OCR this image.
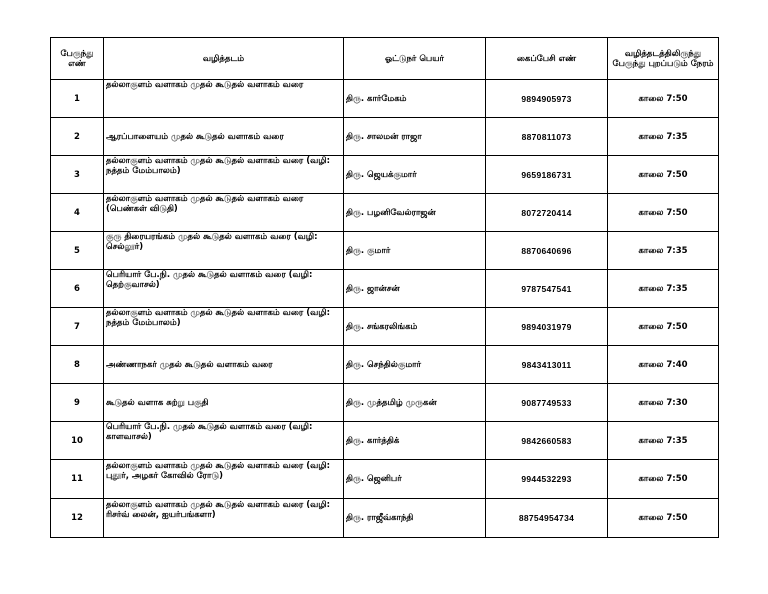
பேருந்து எண்	வழித்தடம்	ஓட்டுநர் பெயர்	கைப்பேசி எண்	வழித்தடத்திலிருந்து பேருந்து புறப்படும் நேரம்
1	தல்லாகுளம் வளாகம் முதல் கூடுதல் வளாகம் வரை	திரு. கார்மேகம்	9894905973	காலை 7:50
2	ஆரப்பாளையம் முதல் கூடுதல் வளாகம் வரை	திரு. சாலமன் ராஜா	8870811073	காலை 7:35
3	தல்லாகுளம் வளாகம் முதல் கூடுதல் வளாகம் வரை (வழி: நத்தம் மேம்பாலம்)	திரு. ஜெயக்குமார்	9659186731	காலை 7:50
4	தல்லாகுளம் வளாகம் முதல் கூடுதல் வளாகம் வரை (பெண்கள் விடுதி)	திரு. பழனிவேல்ராஜன்	8072720414	காலை 7:50
5	குரு திரையரங்கம் முதல் கூடுதல் வளாகம் வரை (வழி: செல்லூர்)	திரு. குமார்	8870640696	காலை 7:35
6	பெரியார் பே.நி. முதல் கூடுதல் வளாகம் வரை (வழி: தெற்குவாசல்)	திரு. ஜான்சன்	9787547541	காலை 7:35
7	தல்லாகுளம் வளாகம் முதல் கூடுதல் வளாகம் வரை (வழி: நத்தம் மேம்பாலம்)	திரு. சங்கரலிங்கம்	9894031979	காலை 7:50
8	அண்ணாநகர் முதல் கூடுதல் வளாகம் வரை	திரு. செந்தில்குமார்	9843413011	காலை 7:40
9	கூடுதல் வளாக சுற்று பகுதி	திரு. முத்தமிழ் முருகன்	9087749533	காலை 7:30
10	பெரியார் பே.நி. முதல் கூடுதல் வளாகம் வரை (வழி: காளவாசல்)	திரு. கார்த்திக்	9842660583	காலை 7:35
11	தல்லாகுளம் வளாகம் முதல் கூடுதல் வளாகம் வரை (வழி: புதூர், அழகர் கோவில் ரோடு)	திரு. ஜெனிபர்	9944532293	காலை 7:50
12	தல்லாகுளம் வளாகம் முதல் கூடுதல் வளாகம் வரை (வழி: ரிசர்வ் லைன், ஐயர்பங்களா)	திரு. ராஜீவ்காந்தி	88754954734	காலை 7:50
